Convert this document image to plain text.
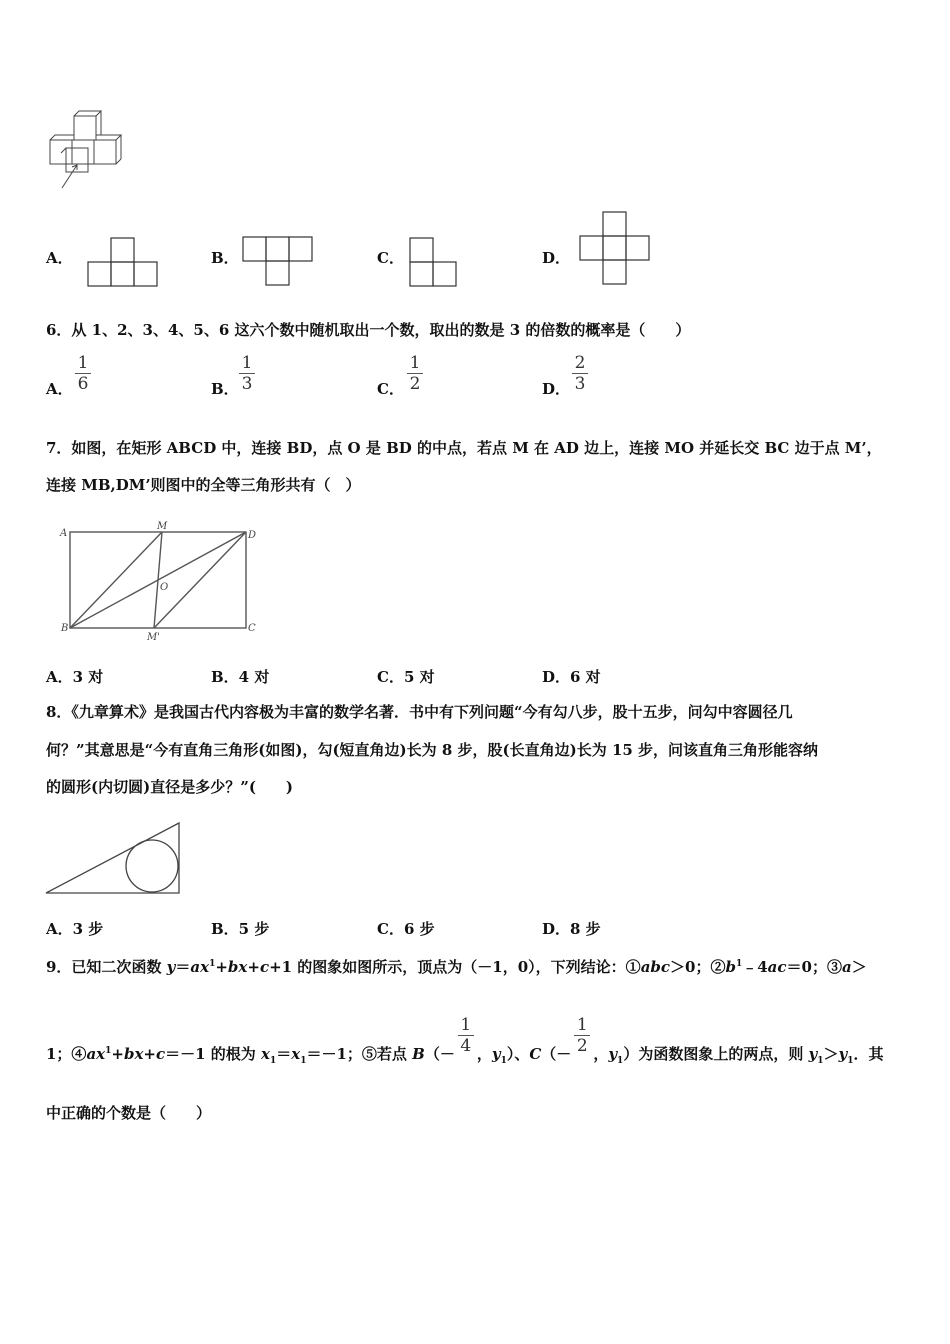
A．	B．	C．	D．
6．从 1、2、3、4、5、6 这六个数中随机取出一个数，取出的数是 3 的倍数的概率是（　　）
A．
1
6	B．
1
3	C．
1
2	D．
2
3
7．如图，在矩形 ABCD 中，连接 BD，点 O 是 BD 的中点，若点 M 在 AD 边上，连接 MO 并延长交 BC 边于点 M’，
连接 MB,DM’则图中的全等三角形共有（　）
A
M
D
O
B
M'
C
A．3 对	B．4 对	C．5 对	D．6 对
8．《九章算术》是我国古代内容极为丰富的数学名著．书中有下列问题“今有勾八步，股十五步，问勾中容圆径几
何？”其意思是“今有直角三角形(如图)，勾(短直角边)长为 8 步，股(长直角边)长为 15 步，问该直角三角形能容纳
的圆形(内切圆)直径是多少？”(　　)
A．3 步	B．5 步	C．6 步	D．8 步
9．已知二次函数 $y=ax^1+bx+c+1$ 的图象如图所示，顶点为（－1，0），下列结论：①abc＞0；$②b^1﹣4ac=0$；③a＞
1；$④ax^1+bx+c=-1$ 的根为 $x_1=x_1=-1$；⑤若点 B（－ ，$y_1$）、C（－ ，$y_1$）为函数图象上的两点，则 $y_1>y_1$．其
1
4
1
2
中正确的个数是（　　）
